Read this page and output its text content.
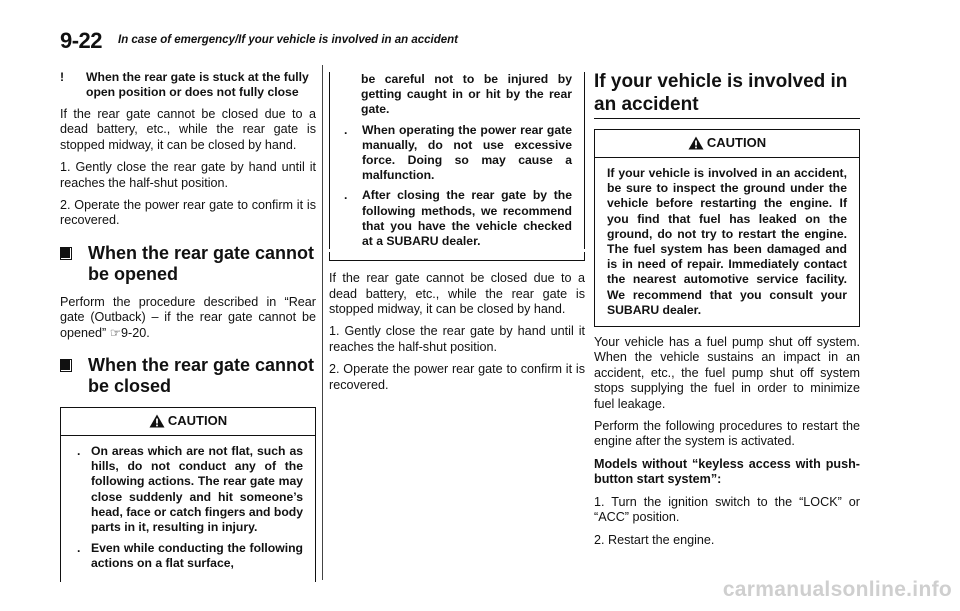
9-22 In case of emergency/If your vehicle is involved in an accident
! When the rear gate is stuck at the fully open position or does not fully close

If the rear gate cannot be closed due to a dead battery, etc., while the rear gate is stopped midway, it can be closed by hand.

1. Gently close the rear gate by hand until it reaches the half-shut position.

2. Operate the power rear gate to confirm it is recovered.

When the rear gate cannot be opened

Perform the procedure described in “Rear gate (Outback) – if the rear gate cannot be opened” ☞9-20.

When the rear gate cannot be closed
CAUTION
. On areas which are not flat, such as hills, do not conduct any of the following actions. The rear gate may close suddenly and hit someone’s head, face or catch fingers and body parts in it, resulting in injury.
. Even while conducting the following actions on a flat surface,
be careful not to be injured by getting caught in or hit by the rear gate.
. When operating the power rear gate manually, do not use excessive force. Doing so may cause a malfunction.
. After closing the rear gate by the following methods, we recommend that you have the vehicle checked at a SUBARU dealer.

If the rear gate cannot be closed due to a dead battery, etc., while the rear gate is stopped midway, it can be closed by hand.

1. Gently close the rear gate by hand until it reaches the half-shut position.

2. Operate the power rear gate to confirm it is recovered.

If your vehicle is involved in an accident
CAUTION
If your vehicle is involved in an accident, be sure to inspect the ground under the vehicle before restarting the engine. If you find that fuel has leaked on the ground, do not try to restart the engine. The fuel system has been damaged and is in need of repair. Immediately contact the nearest automotive service facility. We recommend that you consult your SUBARU dealer.

Your vehicle has a fuel pump shut off system. When the vehicle sustains an impact in an accident, etc., the fuel pump shut off system stops supplying the fuel in order to minimize fuel leakage.

Perform the following procedures to restart the engine after the system is activated.

Models without “keyless access with push-button start system”:

1. Turn the ignition switch to the “LOCK” or “ACC” position.

2. Restart the engine.

carmanualsonline.info
